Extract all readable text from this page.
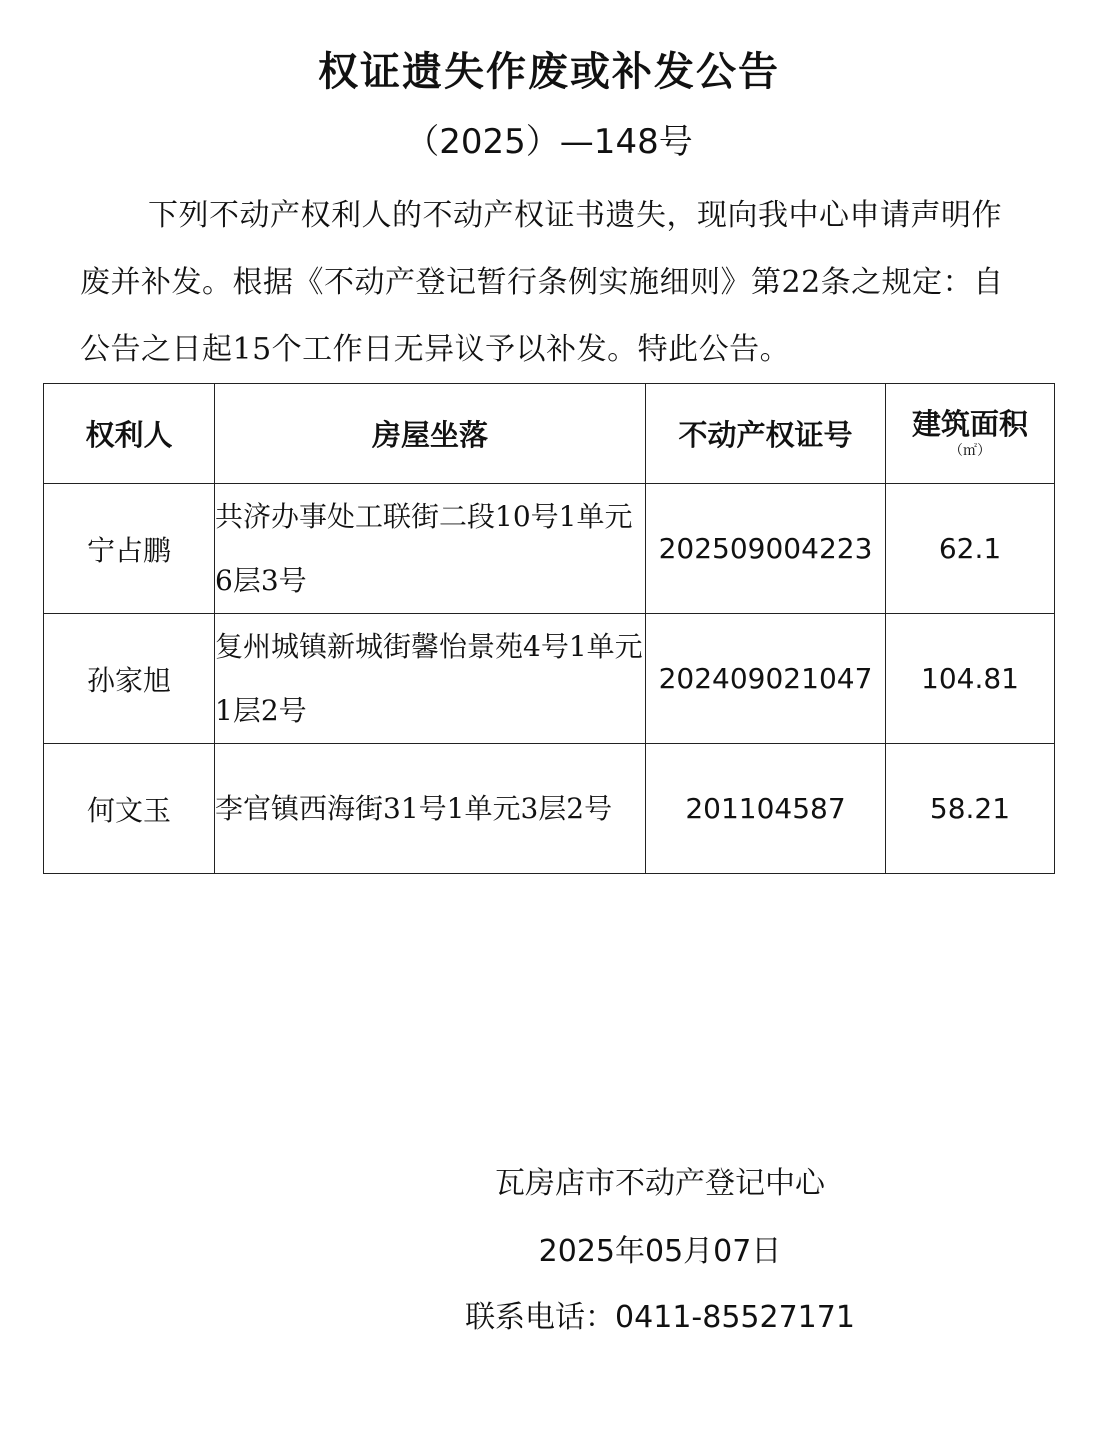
权证遗失作废或补发公告
（2025）—148号
下列不动产权利人的不动产权证书遗失，现向我中心申请声明作废并补发。根据《不动产登记暂行条例实施细则》第22条之规定：自公告之日起15个工作日无异议予以补发。特此公告。
权利人	房屋坐落	不动产权证号	建筑面积
（㎡）

宁占鹏	共济办事处工联街二段10号1单元6层3号	202509004223	62.1
孙家旭	复州城镇新城街馨怡景苑4号1单元1层2号	202409021047	104.81
何文玉	李官镇西海街31号1单元3层2号	201104587	58.21
瓦房店市不动产登记中心
2025年05月07日
联系电话：0411-85527171
